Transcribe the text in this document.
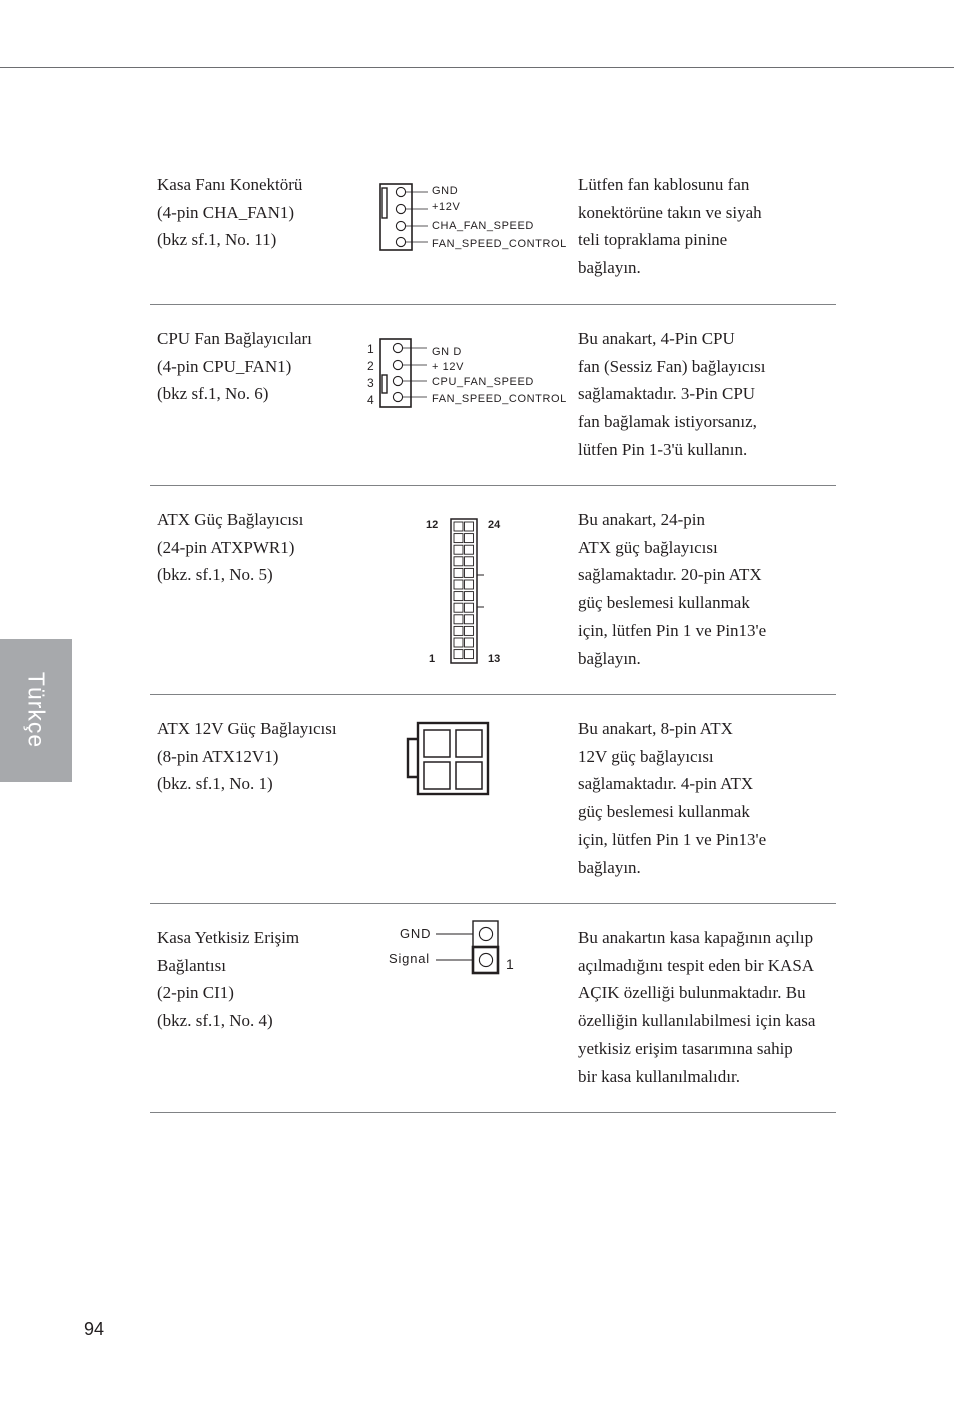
Kasa Fanı Konektörü
(4-pin CHA_FAN1)
(bkz sf.1, No. 11)
GND
+12V
CHA_FAN_SPEED
FAN_SPEED_CONTROL
Lütfen fan kablosunu fan
konektörüne takın ve siyah
teli topraklama pinine
bağlayın.
CPU Fan Bağlayıcıları
(4-pin CPU_FAN1)
(bkz sf.1, No. 6)
1
2
3
4
GN D
+ 12V
CPU_FAN_SPEED
FAN_SPEED_CONTROL
Bu anakart, 4-Pin CPU
fan (Sessiz Fan) bağlayıcısı
sağlamaktadır. 3-Pin CPU
fan bağlamak istiyorsanız,
lütfen Pin 1-3'ü kullanın.
ATX Güç Bağlayıcısı
(24-pin ATXPWR1)
(bkz. sf.1, No. 5)
12	24
1	13
Bu anakart, 24-pin
ATX güç bağlayıcısı
sağlamaktadır. 20-pin ATX
güç beslemesi kullanmak
için, lütfen Pin 1 ve Pin13'e
bağlayın.
ATX 12V Güç Bağlayıcısı
(8-pin ATX12V1)
(bkz. sf.1, No. 1)
Bu anakart, 8-pin ATX
12V güç bağlayıcısı
sağlamaktadır. 4-pin ATX
güç beslemesi kullanmak
için, lütfen Pin 1 ve Pin13'e
bağlayın.
Kasa Yetkisiz Erişim
Bağlantısı
(2-pin CI1)
(bkz. sf.1, No. 4)
GND
Signal	1
Bu anakartın kasa kapağının açılıp
açılmadığını tespit eden bir KASA
AÇIK özelliği bulunmaktadır. Bu
özelliğin kullanılabilmesi için kasa
yetkisiz erişim tasarımına sahip
bir kasa kullanılmalıdır.
Türkçe
94
